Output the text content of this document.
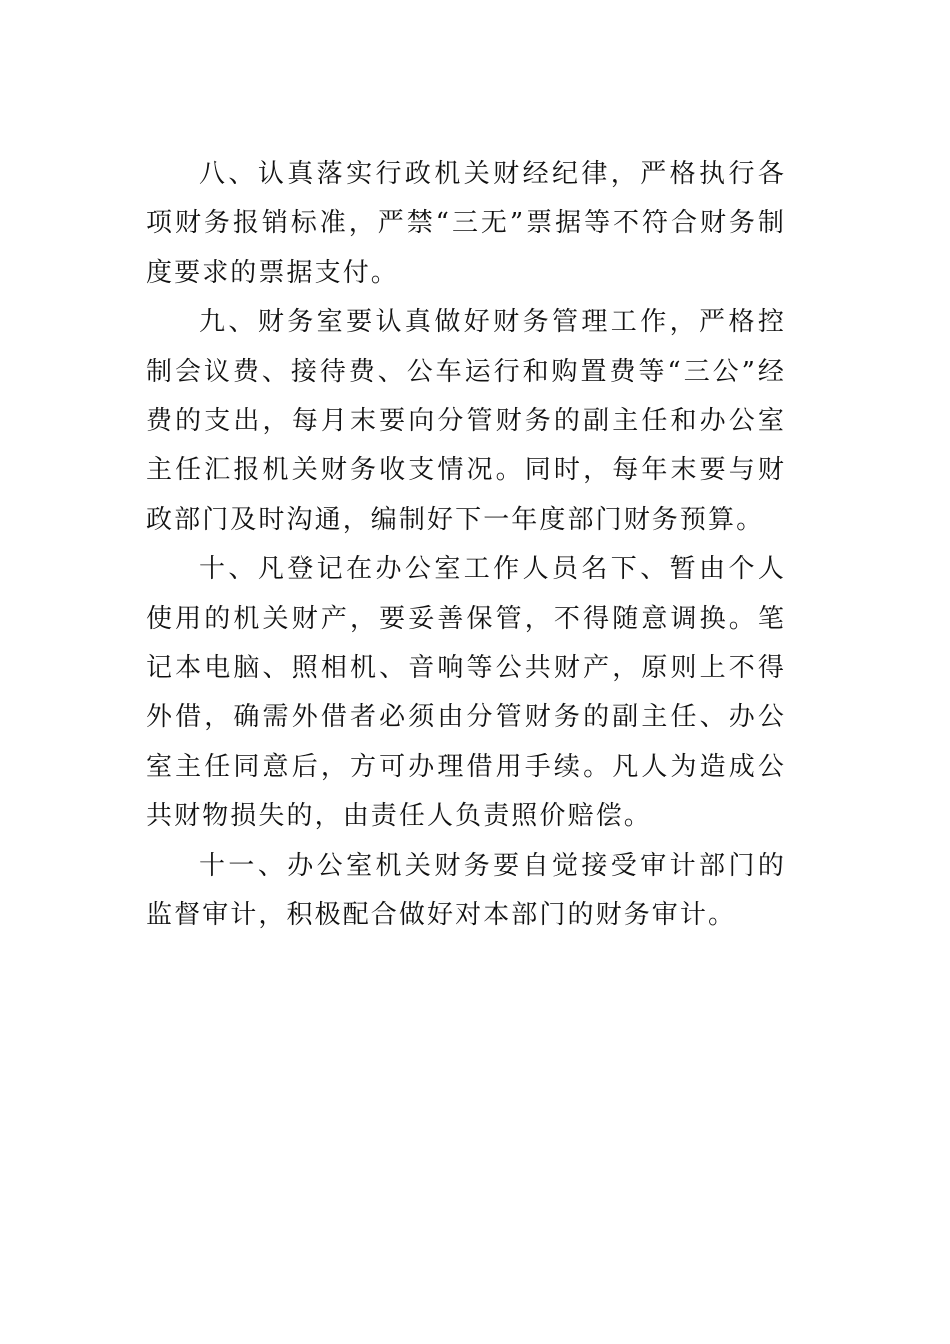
八、认真落实行政机关财经纪律，严格执行各项财务报销标准，严禁“三无”票据等不符合财务制度要求的票据支付。

九、财务室要认真做好财务管理工作，严格控制会议费、接待费、公车运行和购置费等“三公”经费的支出，每月末要向分管财务的副主任和办公室主任汇报机关财务收支情况。同时，每年末要与财政部门及时沟通，编制好下一年度部门财务预算。

十、凡登记在办公室工作人员名下、暂由个人使用的机关财产，要妥善保管，不得随意调换。笔记本电脑、照相机、音响等公共财产，原则上不得外借，确需外借者必须由分管财务的副主任、办公室主任同意后，方可办理借用手续。凡人为造成公共财物损失的，由责任人负责照价赔偿。

十一、办公室机关财务要自觉接受审计部门的监督审计，积极配合做好对本部门的财务审计。
